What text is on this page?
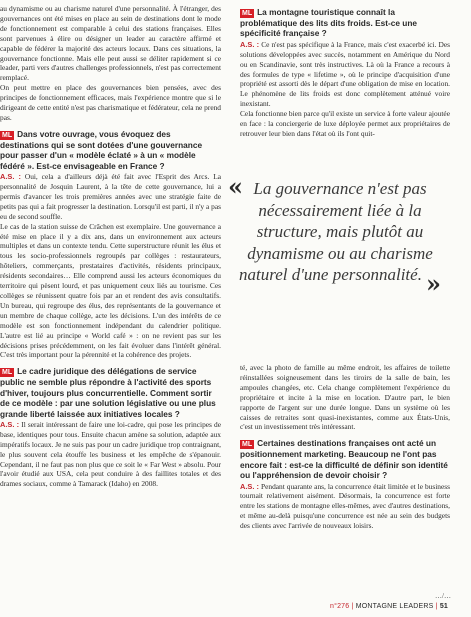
au dynamisme ou au charisme naturel d'une personnalité. À l'étranger, des gouvernances ont été mises en place au sein de destinations dont le mode de fonctionnement est comparable à celui des stations françaises. Elles sont parvenues à élire ou désigner un leader au caractère affirmé et capable de fédérer la majorité des acteurs locaux. Dans ces situations, la gouvernance fonctionne. Mais elle peut aussi se déliter rapidement si ce leader, parti vers d'autres challenges professionnels, n'est pas correctement remplacé.

On peut mettre en place des gouvernances bien pensées, avec des principes de fonctionnement efficaces, mais l'expérience montre que si le dirigeant de cette entité n'est pas charismatique et fédérateur, cela ne prend pas.

ML Dans votre ouvrage, vous évoquez des destinations qui se sont dotées d'une gouvernance pour passer d'un « modèle éclaté » à un « modèle fédéré ». Est-ce envisageable en France ?

A.S. : Oui, cela a d'ailleurs déjà été fait avec l'Esprit des Arcs. La personnalité de Josquin Laurent, à la tête de cette gouvernance, lui a permis d'avancer les trois premières années avec une stratégie faite de petits pas qui a fait progresser la destination. Lorsqu'il est parti, il n'y a pas eu de second souffle.

Le cas de la station suisse de Crâchen est exemplaire. Une gouvernance a été mise en place il y a dix ans, dans un environnement aux acteurs multiples et dans un contexte tendu. Cette superstructure réunit les élus et tous les socio-professionnels regroupés par collèges : restaurateurs, hôteliers, commerçants, prestataires d'activités, résidents principaux, résidents secondaires… Elle comprend aussi les acteurs économiques du territoire qui pèsent lourd, et pas uniquement ceux liés au tourisme. Ces collèges se réunissent quatre fois par an et rendent des avis consultatifs. Un bureau, qui regroupe des élus, des représentants de la gouvernance et un membre de chaque collège, acte les décisions. L'un des intérêts de ce modèle est son fonctionnement indépendant du calendrier politique. L'autre est lié au principe « World café » : on ne revient pas sur les décisions prises précédemment, on les fait évoluer dans l'intérêt général. C'est très important pour la pérennité et la cohérence des projets.

ML Le cadre juridique des délégations de service public ne semble plus répondre à l'activité des sports d'hiver, toujours plus concurrentielle. Comment sortir de ce modèle : par une solution législative ou une plus grande liberté laissée aux initiatives locales ?

A.S. : Il serait intéressant de faire une loi-cadre, qui pose les principes de base, identiques pour tous. Ensuite chacun amène sa solution, adaptée aux impératifs locaux. Je ne suis pas pour un cadre juridique trop contraignant, le plus souvent cela étouffe les business et les empêche de s'épanouir. Cependant, il ne faut pas non plus que ce soit le « Far West » absolu. Pour l'avoir étudié aux USA, cela peut conduire à des faillites totales et des drames sociaux, comme à Tamarack (Idaho) en 2008.

ML La montagne touristique connaît la problématique des lits dits froids. Est-ce une spécificité française ?

A.S. : Ce n'est pas spécifique à la France, mais c'est exacerbé ici. Des solutions développées avec succès, notamment en Amérique du Nord ou en Scandinavie, sont très instructives. Là où la France a recours à des formules de type « lifetime », où le principe d'acquisition d'une propriété est assorti dès le départ d'une obligation de mise en location. Le phénomène de lits froids est donc complètement atténué voire inexistant.

Cela fonctionne bien parce qu'il existe un service à forte valeur ajoutée en face : la conciergerie de luxe déployée permet aux propriétaires de retrouver leur bien dans l'état où ils l'ont quit-

« La gouvernance n'est pas nécessairement liée à la structure, mais plutôt au dynamisme ou au charisme naturel d'une personnalité. »

té, avec la photo de famille au même endroit, les affaires de toilette réinstallées soigneusement dans les tiroirs de la salle de bain, les ampoules changées, etc. Cela change complètement l'expérience du propriétaire et incite à la mise en location. D'autre part, le bien rapporte de l'argent sur une durée longue. Dans un système où les caisses de retraites sont quasi-inexistantes, comme aux États-Unis, c'est un investissement très intéressant.

ML Certaines destinations françaises ont acté un positionnement marketing. Beaucoup ne l'ont pas encore fait : est-ce la difficulté de définir son identité ou l'appréhension de devoir choisir ?

A.S. : Pendant quarante ans, la concurrence était limitée et le business tournait relativement aisément. Désormais, la concurrence est forte entre les stations de montagne elles-mêmes, avec d'autres destinations, et même au-delà puisqu'une concurrence est née au sein des budgets des clients avec l'arrivée de nouveaux loisirs.

…/…
n°276 | MONTAGNE LEADERS | 51
